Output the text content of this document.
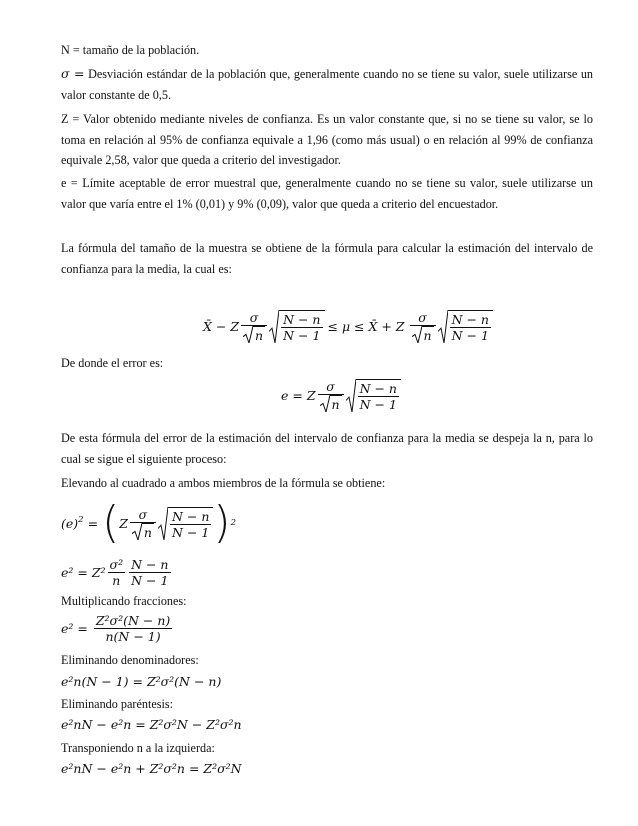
N = tamaño de la población.
σ = Desviación estándar de la población que, generalmente cuando no se tiene su valor, suele utilizarse un valor constante de 0,5.
Z = Valor obtenido mediante niveles de confianza. Es un valor constante que, si no se tiene su valor, se lo toma en relación al 95% de confianza equivale a 1,96 (como más usual) o en relación al 99% de confianza equivale 2,58, valor que queda a criterio del investigador.
e = Límite aceptable de error muestral que, generalmente cuando no se tiene su valor, suele utilizarse un valor que varía entre el 1% (0,01) y 9% (0,09), valor que queda a criterio del encuestador.
La fórmula del tamaño de la muestra se obtiene de la fórmula para calcular la estimación del intervalo de confianza para la media, la cual es:
X̄ − Z $\frac{\sigma}{n} \frac{N - n}{N - 1} \le \mu$ ≤ X̄ + Z $\frac{\sigma}{n} \frac{N - n}{N - 1}$
De donde el error es:
e = Z $\frac{\sigma}{n} \frac{N - n}{N - 1}$
De esta fórmula del error de la estimación del intervalo de confianza para la media se despeja la n, para lo cual se sigue el siguiente proceso:
Elevando al cuadrado a ambos miembros de la fórmula se obtiene:
$(e)^2$ = ( Z $\frac{\sigma}{n} \frac{N - n}{N - 1}$ ) 2
$e^2 = Z^2 \frac{\text{σ²}}{n} \frac{N - n}{N - 1}$
Multiplicando fracciones:
$e^2 = \frac{\text{Z²σ²(N − n)}}{n(N - 1)}$
Eliminando denominadores:
e²n(N − 1) = Z²σ²(N − n)
Eliminando paréntesis:
e²nN − e²n = Z²σ²N − Z²σ²n
Transponiendo n a la izquierda:
e²nN − e²n + Z²σ²n = Z²σ²N
